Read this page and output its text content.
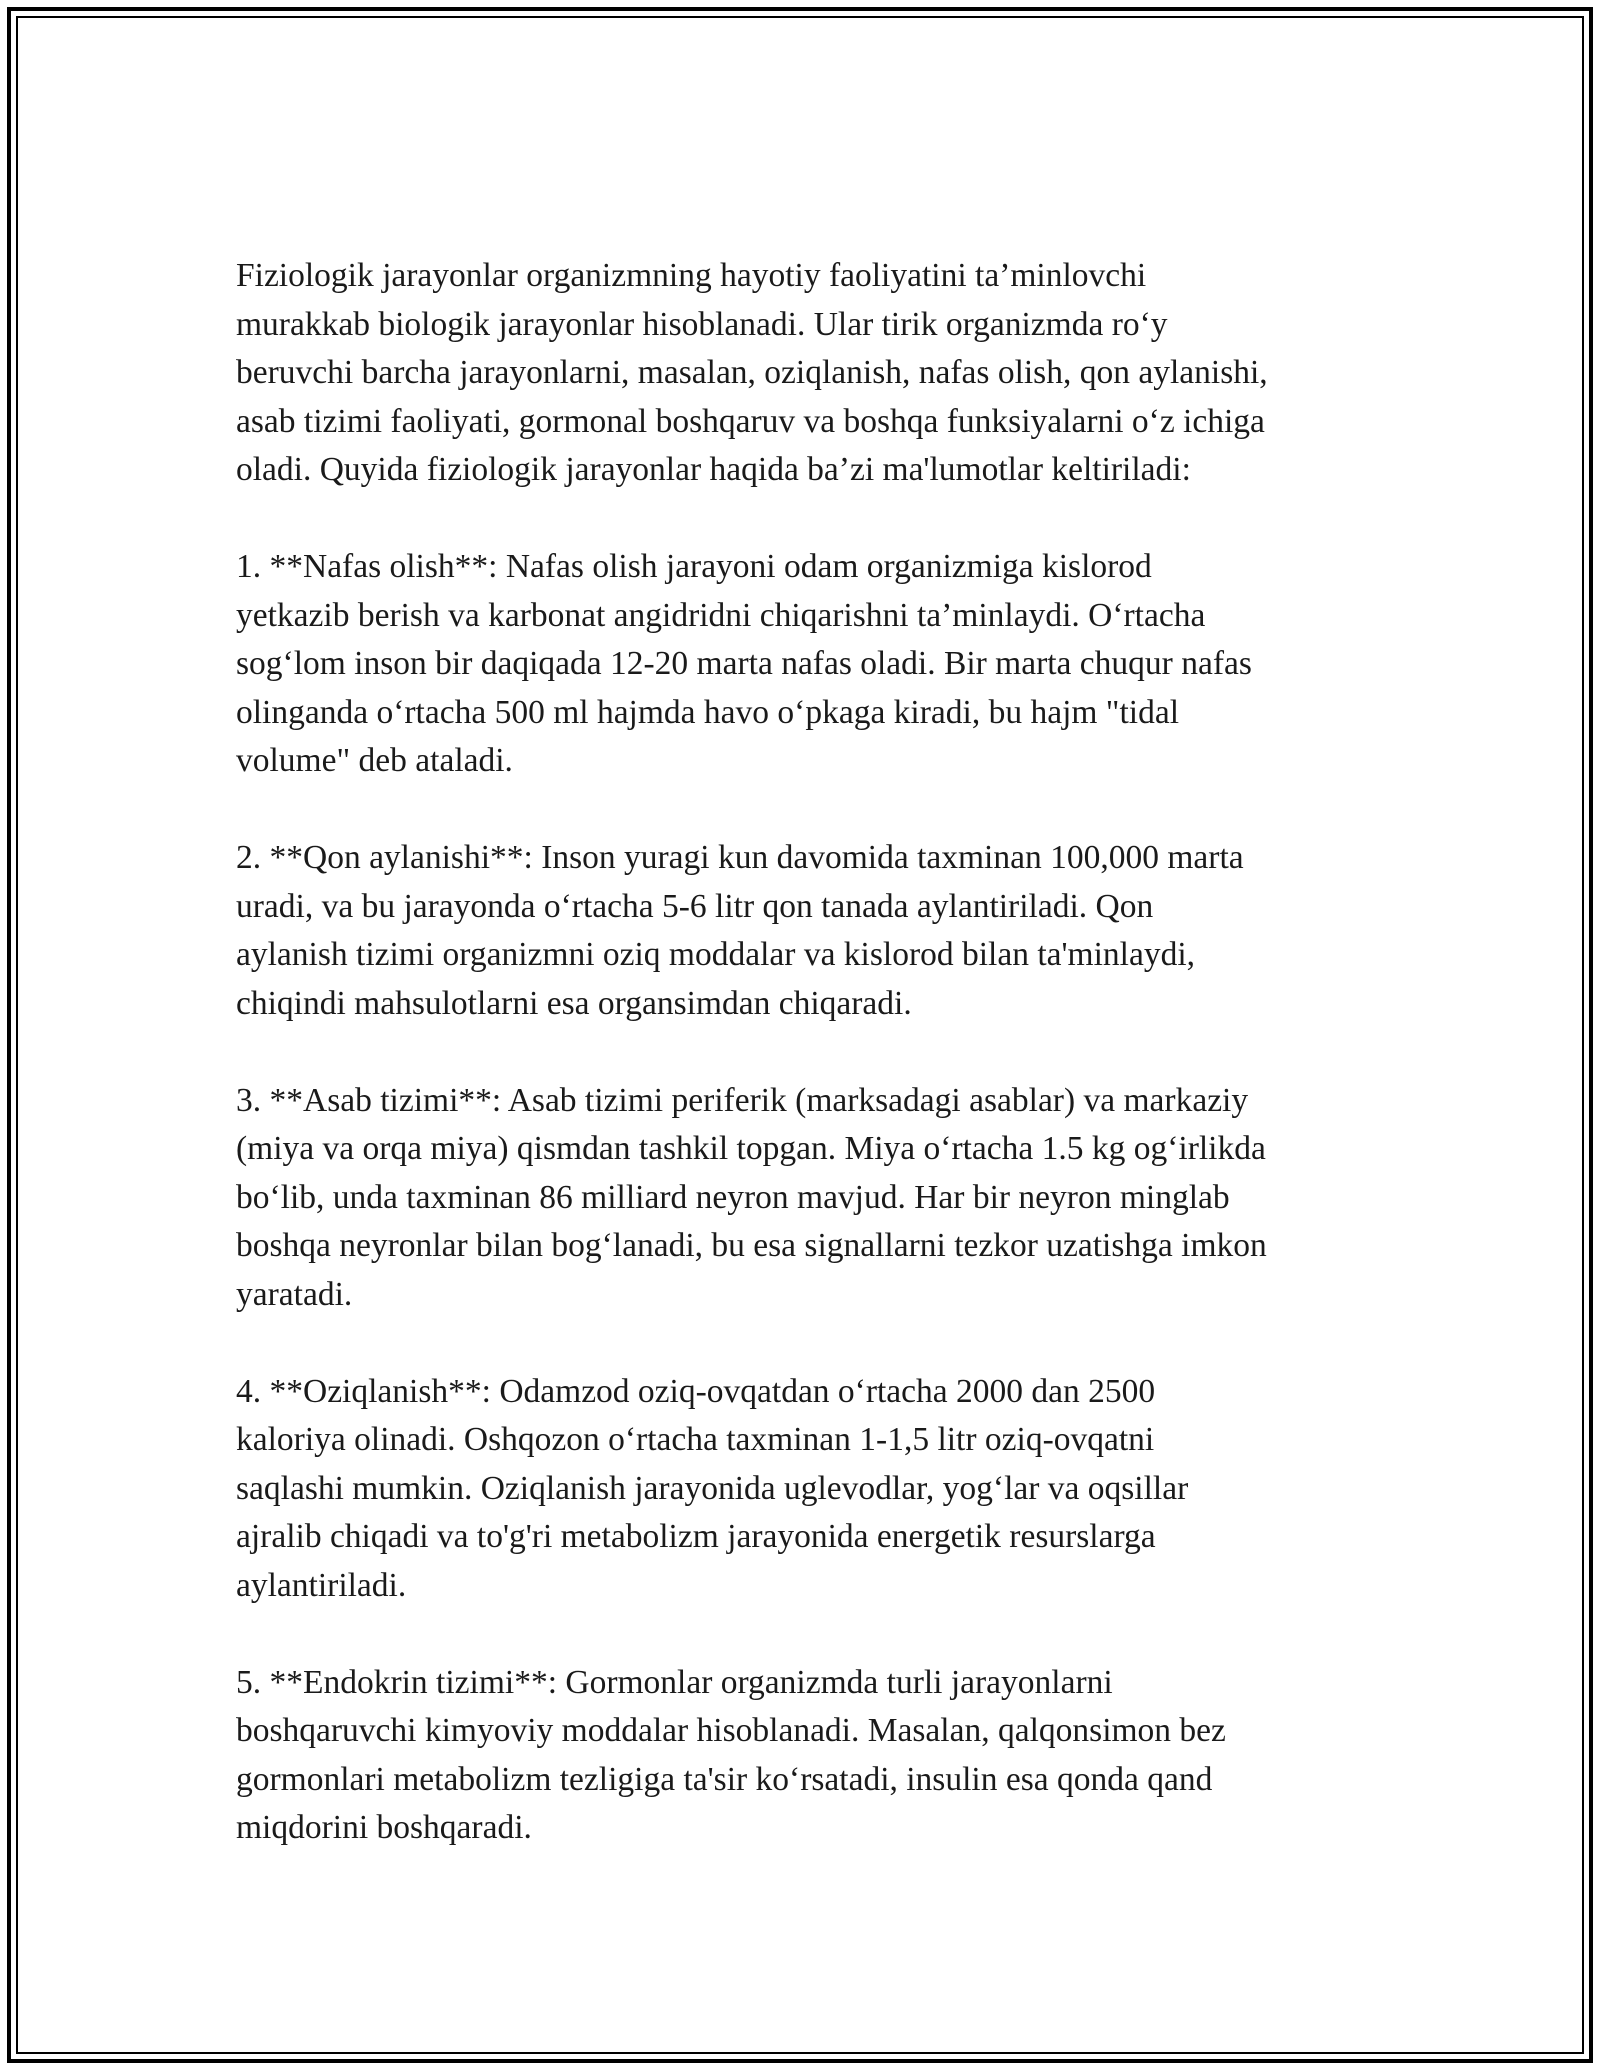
Fiziologik jarayonlar organizmning hayotiy faoliyatini ta’minlovchi
murakkab biologik jarayonlar hisoblanadi. Ular tirik organizmda ro‘y
beruvchi barcha jarayonlarni, masalan, oziqlanish, nafas olish, qon aylanishi,
asab tizimi faoliyati, gormonal boshqaruv va boshqa funksiyalarni o‘z ichiga
oladi. Quyida fiziologik jarayonlar haqida ba’zi ma'lumotlar keltiriladi:

1. **Nafas olish**: Nafas olish jarayoni odam organizmiga kislorod
yetkazib berish va karbonat angidridni chiqarishni ta’minlaydi. O‘rtacha
sog‘lom inson bir daqiqada 12-20 marta nafas oladi. Bir marta chuqur nafas
olinganda o‘rtacha 500 ml hajmda havo o‘pkaga kiradi, bu hajm "tidal
volume" deb ataladi.

2. **Qon aylanishi**: Inson yuragi kun davomida taxminan 100,000 marta
uradi, va bu jarayonda o‘rtacha 5-6 litr qon tanada aylantiriladi. Qon
aylanish tizimi organizmni oziq moddalar va kislorod bilan ta'minlaydi,
chiqindi mahsulotlarni esa organsimdan chiqaradi.

3. **Asab tizimi**: Asab tizimi periferik (marksadagi asablar) va markaziy
(miya va orqa miya) qismdan tashkil topgan. Miya o‘rtacha 1.5 kg og‘irlikda
bo‘lib, unda taxminan 86 milliard neyron mavjud. Har bir neyron minglab
boshqa neyronlar bilan bog‘lanadi, bu esa signallarni tezkor uzatishga imkon
yaratadi.

4. **Oziqlanish**: Odamzod oziq-ovqatdan o‘rtacha 2000 dan 2500
kaloriya olinadi. Oshqozon o‘rtacha taxminan 1-1,5 litr oziq-ovqatni
saqlashi mumkin. Oziqlanish jarayonida uglevodlar, yog‘lar va oqsillar
ajralib chiqadi va to'g'ri metabolizm jarayonida energetik resurslarga
aylantiriladi.

5. **Endokrin tizimi**: Gormonlar organizmda turli jarayonlarni
boshqaruvchi kimyoviy moddalar hisoblanadi. Masalan, qalqonsimon bez
gormonlari metabolizm tezligiga ta'sir ko‘rsatadi, insulin esa qonda qand
miqdorini boshqaradi.
